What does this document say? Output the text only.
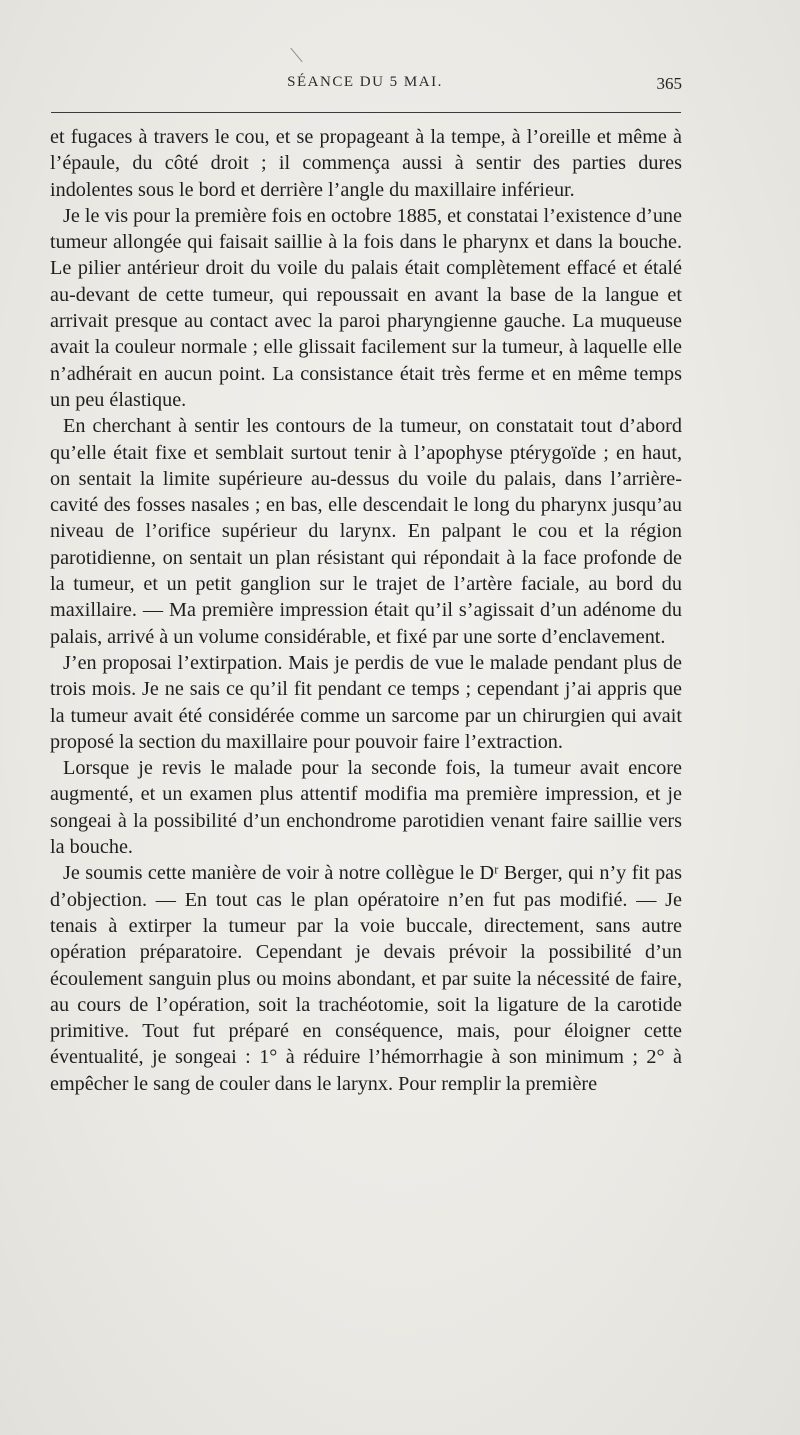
SÉANCE DU 5 MAI.	365

et fugaces à travers le cou, et se propageant à la tempe, à l’oreille et même à l’épaule, du côté droit ; il commença aussi à sentir des parties dures indolentes sous le bord et derrière l’angle du maxillaire inférieur.

Je le vis pour la première fois en octobre 1885, et constatai l’existence d’une tumeur allongée qui faisait saillie à la fois dans le pharynx et dans la bouche. Le pilier antérieur droit du voile du palais était complètement effacé et étalé au-devant de cette tumeur, qui repoussait en avant la base de la langue et arrivait presque au contact avec la paroi pharyngienne gauche. La muqueuse avait la couleur normale ; elle glissait facilement sur la tumeur, à laquelle elle n’adhérait en aucun point. La consistance était très ferme et en même temps un peu élastique.

En cherchant à sentir les contours de la tumeur, on constatait tout d’abord qu’elle était fixe et semblait surtout tenir à l’apophyse ptérygoïde ; en haut, on sentait la limite supérieure au-dessus du voile du palais, dans l’arrière-cavité des fosses nasales ; en bas, elle descendait le long du pharynx jusqu’au niveau de l’orifice supérieur du larynx. En palpant le cou et la région parotidienne, on sentait un plan résistant qui répondait à la face profonde de la tumeur, et un petit ganglion sur le trajet de l’artère faciale, au bord du maxillaire. — Ma première impression était qu’il s’agissait d’un adénome du palais, arrivé à un volume considérable, et fixé par une sorte d’enclavement.

J’en proposai l’extirpation. Mais je perdis de vue le malade pendant plus de trois mois. Je ne sais ce qu’il fit pendant ce temps ; cependant j’ai appris que la tumeur avait été considérée comme un sarcome par un chirurgien qui avait proposé la section du maxillaire pour pouvoir faire l’extraction.

Lorsque je revis le malade pour la seconde fois, la tumeur avait encore augmenté, et un examen plus attentif modifia ma première impression, et je songeai à la possibilité d’un enchondrome parotidien venant faire saillie vers la bouche.

Je soumis cette manière de voir à notre collègue le Dʳ Berger, qui n’y fit pas d’objection. — En tout cas le plan opératoire n’en fut pas modifié. — Je tenais à extirper la tumeur par la voie buccale, directement, sans autre opération préparatoire. Cependant je devais prévoir la possibilité d’un écoulement sanguin plus ou moins abondant, et par suite la nécessité de faire, au cours de l’opération, soit la trachéotomie, soit la ligature de la carotide primitive. Tout fut préparé en conséquence, mais, pour éloigner cette éventualité, je songeai : 1° à réduire l’hémorrhagie à son minimum ; 2° à empêcher le sang de couler dans le larynx. Pour remplir la première
